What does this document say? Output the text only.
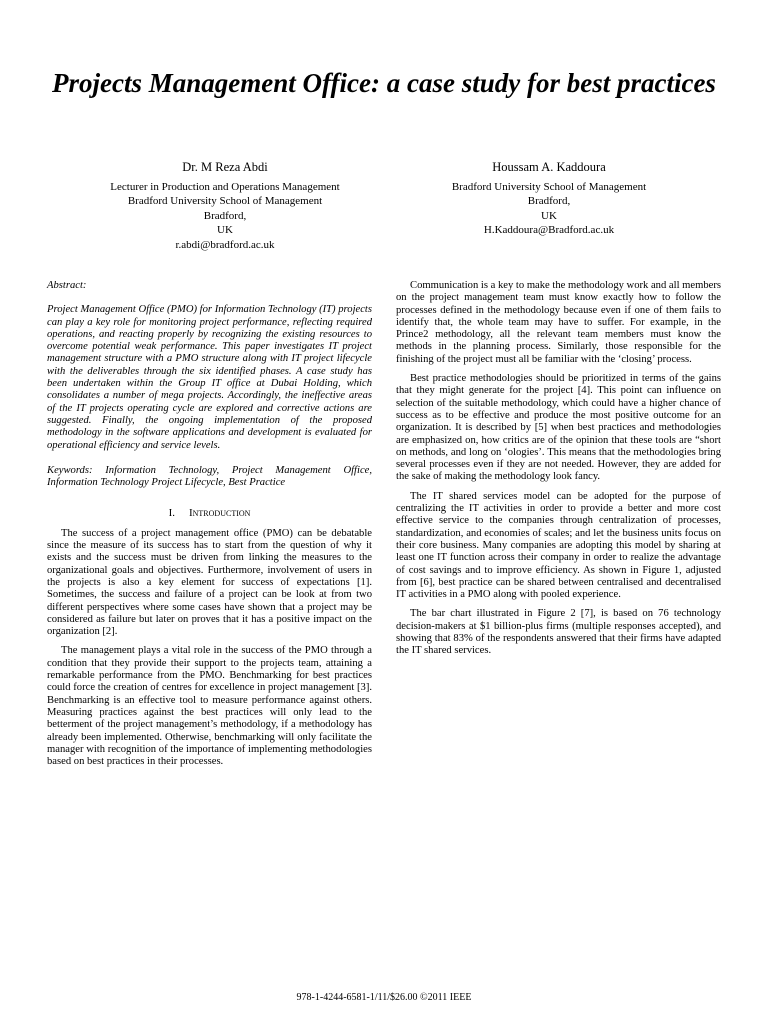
Projects Management Office: a case study for best practices
Dr. M Reza Abdi
Lecturer in Production and Operations Management
Bradford University School of Management
Bradford,
UK
r.abdi@bradford.ac.uk
Houssam A. Kaddoura
Bradford University School of Management
Bradford,
UK
H.Kaddoura@Bradford.ac.uk

Abstract:

Project Management Office (PMO) for Information Technology (IT) projects can play a key role for monitoring project performance, reflecting required operations, and reacting properly by recognizing the existing resources to overcome potential weak performance. This paper investigates IT project management structure with a PMO structure along with IT project lifecycle with the deliverables through the six identified phases. A case study has been undertaken within the Group IT office at Dubai Holding, which consolidates a number of mega projects. Accordingly, the ineffective areas of the IT projects operating cycle are explored and corrective actions are suggested. Finally, the ongoing implementation of the proposed methodology in the software applications and development is evaluated for operational efficiency and service levels.

Keywords: Information Technology, Project Management Office, Information Technology Project Lifecycle, Best Practice

I. Introduction

The success of a project management office (PMO) can be debatable since the measure of its success has to start from the question of why it exists and the success must be driven from linking the measures to the organizational goals and objectives. Furthermore, involvement of users in the projects is also a key element for success of expectations [1]. Sometimes, the success and failure of a project can be look at from two different perspectives where some cases have shown that a project may be considered as failure but later on proves that it has a positive impact on the organization [2].

The management plays a vital role in the success of the PMO through a condition that they provide their support to the projects team, attaining a remarkable performance from the PMO. Benchmarking for best practices could force the creation of centres for excellence in project management [3]. Benchmarking is an effective tool to measure performance against others. Measuring practices against the best practices will only lead to the betterment of the project management’s methodology, if a methodology has already been implemented. Otherwise, benchmarking will only facilitate the manager with recognition of the importance of implementing methodologies based on best practices in their processes.

Communication is a key to make the methodology work and all members on the project management team must know exactly how to follow the processes defined in the methodology because even if one of them fails to identify that, the whole team may have to suffer. For example, in the Prince2 methodology, all the relevant team members must know the methods in the planning process. Similarly, those responsible for the finishing of the project must all be familiar with the ‘closing’ process.

Best practice methodologies should be prioritized in terms of the gains that they might generate for the project [4]. This point can influence on selection of the suitable methodology, which could have a higher chance of success as to be effective and produce the most positive outcome for an organization. It is described by [5] when best practices and methodologies are emphasized on, how critics are of the opinion that these tools are “short on methods, and long on ‘ologies’. This means that the methodologies bring several processes even if they are not needed. However, they are added for the sake of making the methodology look fancy.

The IT shared services model can be adopted for the purpose of centralizing the IT activities in order to provide a better and more cost effective service to the companies through centralization of processes, standardization, and economies of scales; and let the business units focus on their core business. Many companies are adopting this model by sharing at least one IT function across their company in order to realize the advantage of cost savings and to improve efficiency. As shown in Figure 1, adjusted from [6], best practice can be shared between centralised and decentralised IT activities in a PMO along with pooled experience.

The bar chart illustrated in Figure 2 [7], is based on 76 technology decision-makers at $1 billion-plus firms (multiple responses accepted), and showing that 83% of the respondents answered that their firms have adapted the IT shared services.

978-1-4244-6581-1/11/$26.00 ©2011 IEEE
